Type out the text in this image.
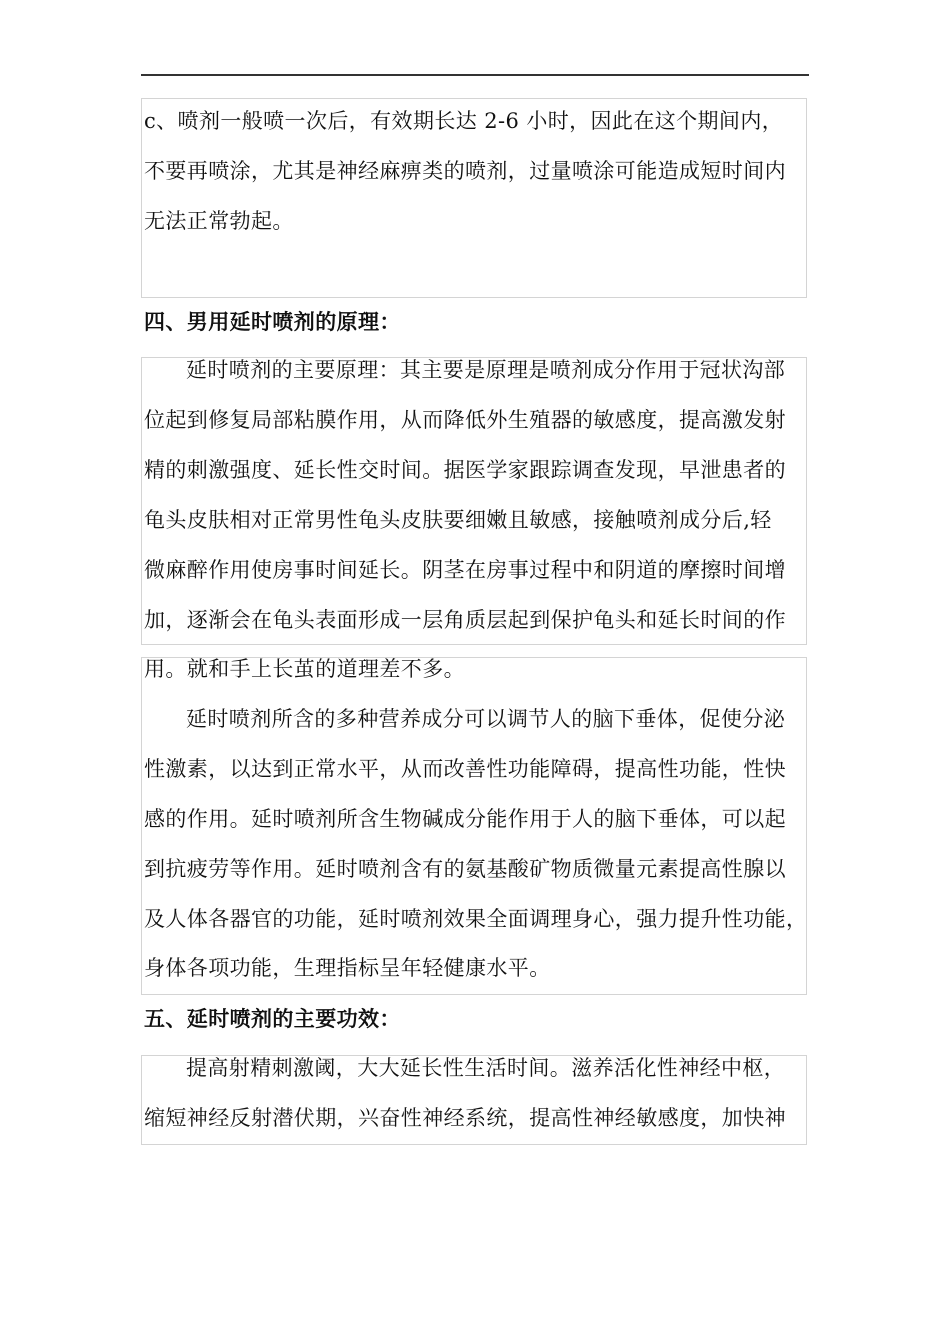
c、喷剂一般喷一次后，有效期长达 2-6 小时，因此在这个期间内，
不要再喷涂，尤其是神经麻痹类的喷剂，过量喷涂可能造成短时间内
无法正常勃起。
四、男用延时喷剂的原理：
延时喷剂的主要原理：其主要是原理是喷剂成分作用于冠状沟部
位起到修复局部粘膜作用，从而降低外生殖器的敏感度，提高激发射
精的刺激强度、延长性交时间。据医学家跟踪调查发现，早泄患者的
龟头皮肤相对正常男性龟头皮肤要细嫩且敏感，接触喷剂成分后,轻
微麻醉作用使房事时间延长。阴茎在房事过程中和阴道的摩擦时间增
加，逐渐会在龟头表面形成一层角质层起到保护龟头和延长时间的作
用。就和手上长茧的道理差不多。
延时喷剂所含的多种营养成分可以调节人的脑下垂体，促使分泌
性激素，以达到正常水平，从而改善性功能障碍，提高性功能，性快
感的作用。延时喷剂所含生物碱成分能作用于人的脑下垂体，可以起
到抗疲劳等作用。延时喷剂含有的氨基酸矿物质微量元素提高性腺以
及人体各器官的功能，延时喷剂效果全面调理身心，强力提升性功能，
身体各项功能，生理指标呈年轻健康水平。
五、延时喷剂的主要功效：
提高射精刺激阈，大大延长性生活时间。滋养活化性神经中枢，
缩短神经反射潜伏期，兴奋性神经系统，提高性神经敏感度，加快神
